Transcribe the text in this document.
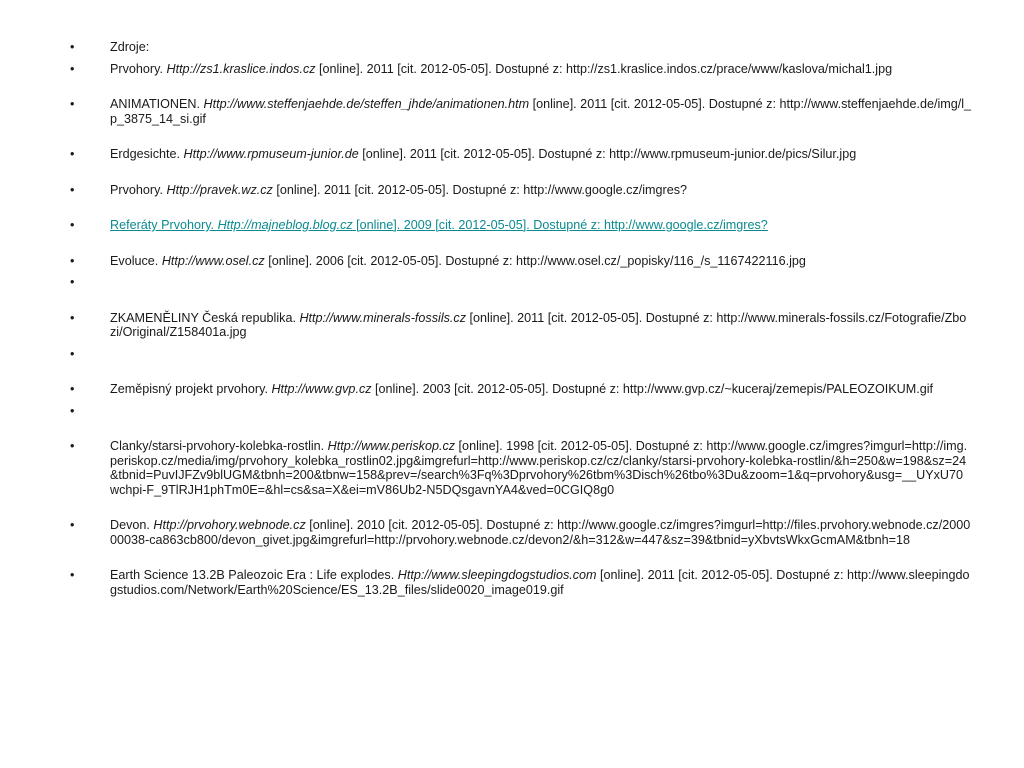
•	Zdroje:
•	Prvohory. Http://zs1.kraslice.indos.cz [online]. 2011 [cit. 2012-05-05]. Dostupné z: http://zs1.kraslice.indos.cz/prace/www/kaslova/michal1.jpg
•	ANIMATIONEN. Http://www.steffenjaehde.de/steffen_jhde/animationen.htm [online]. 2011 [cit. 2012-05-05]. Dostupné z: http://www.steffenjaehde.de/img/l_p_3875_14_si.gif
•	Erdgesichte. Http://www.rpmuseum-junior.de [online]. 2011 [cit. 2012-05-05]. Dostupné z: http://www.rpmuseum-junior.de/pics/Silur.jpg
•	Prvohory. Http://pravek.wz.cz [online]. 2011 [cit. 2012-05-05]. Dostupné z: http://www.google.cz/imgres?
•	Referáty Prvohory. Http://majneblog.blog.cz [online]. 2009 [cit. 2012-05-05]. Dostupné z: http://www.google.cz/imgres?
•	Evoluce. Http://www.osel.cz [online]. 2006 [cit. 2012-05-05]. Dostupné z: http://www.osel.cz/_popisky/116_/s_1167422116.jpg
•
•	ZKAMENĚLINY Česká republika. Http://www.minerals-fossils.cz [online]. 2011 [cit. 2012-05-05]. Dostupné z: http://www.minerals-fossils.cz/Fotografie/Zbozi/Original/Z158401a.jpg
•
•	Zeměpisný projekt prvohory. Http://www.gvp.cz [online]. 2003 [cit. 2012-05-05]. Dostupné z: http://www.gvp.cz/~kuceraj/zemepis/PALEOZOIKUM.gif
•
•	Clanky/starsi-prvohory-kolebka-rostlin. Http://www.periskop.cz [online]. 1998 [cit. 2012-05-05]. Dostupné z: http://www.google.cz/imgres?imgurl=http://img.periskop.cz/media/img/prvohory_kolebka_rostlin02.jpg&imgrefurl=http://www.periskop.cz/cz/clanky/starsi-prvohory-kolebka-rostlin/&h=250&w=198&sz=24&tbnid=PuvIJFZv9blUGM&tbnh=200&tbnw=158&prev=/search%3Fq%3Dprvohory%26tbm%3Disch%26tbo%3Du&zoom=1&q=prvohory&usg=__UYxU70wchpi-F_9TlRJH1phTm0E=&hl=cs&sa=X&ei=mV86Ub2-N5DQsgavnYA4&ved=0CGIQ8g0
•	Devon. Http://prvohory.webnode.cz [online]. 2010 [cit. 2012-05-05]. Dostupné z: http://www.google.cz/imgres?imgurl=http://files.prvohory.webnode.cz/200000038-ca863cb800/devon_givet.jpg&imgrefurl=http://prvohory.webnode.cz/devon2/&h=312&w=447&sz=39&tbnid=yXbvtsWkxGcmAM&tbnh=18
•	Earth Science 13.2B Paleozoic Era : Life explodes. Http://www.sleepingdogstudios.com [online]. 2011 [cit. 2012-05-05]. Dostupné z: http://www.sleepingdogstudios.com/Network/Earth%20Science/ES_13.2B_files/slide0020_image019.gif
